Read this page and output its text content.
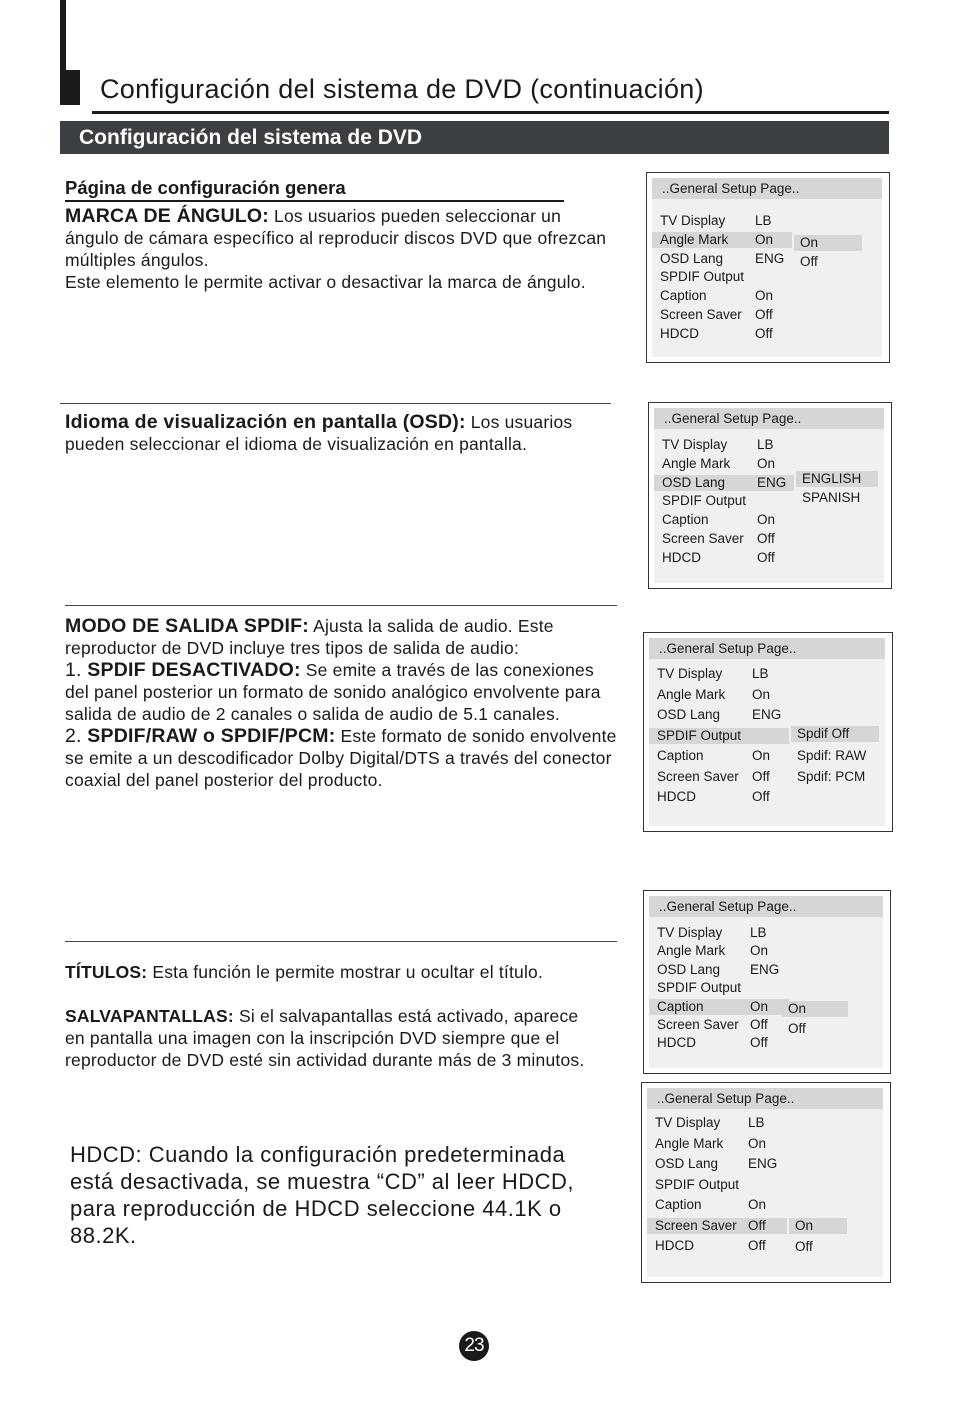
Configuración del sistema de DVD (continuación)
Configuración del sistema de DVD
Página de configuración genera

MARCA DE ÁNGULO: Los usuarios pueden seleccionar un ángulo de cámara específico al reproducir discos DVD que ofrezcan múltiples ángulos.

Este elemento le permite activar o desactivar la marca de ángulo.

Idioma de visualización en pantalla (OSD): Los usuarios pueden seleccionar el idioma de visualización en pantalla.

MODO DE SALIDA SPDIF: Ajusta la salida de audio. Este reproductor de DVD incluye tres tipos de salida de audio:

1. SPDIF DESACTIVADO: Se emite a través de las conexiones del panel posterior un formato de sonido analógico envolvente para salida de audio de 2 canales o salida de audio de 5.1 canales.

2. SPDIF/RAW o SPDIF/PCM: Este formato de sonido envolvente se emite a un descodificador Dolby Digital/DTS a través del conector coaxial del panel posterior del producto.

TÍTULOS: Esta función le permite mostrar u ocultar el título.

SALVAPANTALLAS: Si el salvapantallas está activado, aparece en pantalla una imagen con la inscripción DVD siempre que el reproductor de DVD esté sin actividad durante más de 3 minutos.

HDCD: Cuando la configuración predeterminada está desactivada, se muestra “CD” al leer HDCD, para reproducción de HDCD seleccione 44.1K o 88.2K.

..General Setup Page..
TV Display LB
Angle Mark On
OSD Lang ENG
SPDIF Output
Caption	On
Screen Saver Off
HDCD	Off
On
Off
..General Setup Page..
TV Display LB
Angle Mark On
OSD Lang ENG
SPDIF Output
Caption	On
Screen Saver Off
HDCD	Off
ENGLISH
SPANISH
..General Setup Page..
TV Display LB
Angle Mark On
OSD Lang ENG
SPDIF Output
Caption	On
Screen Saver Off
HDCD	Off
Spdif Off
Spdif: RAW
Spdif: PCM
..General Setup Page..
TV Display LB
Angle Mark On
OSD Lang ENG
SPDIF Output
Caption	On
Screen Saver Off
HDCD	Off
On
Off
..General Setup Page..
TV Display LB
Angle Mark On
OSD Lang ENG
SPDIF Output
Caption	On
Screen Saver Off
HDCD	Off
On
Off
23
